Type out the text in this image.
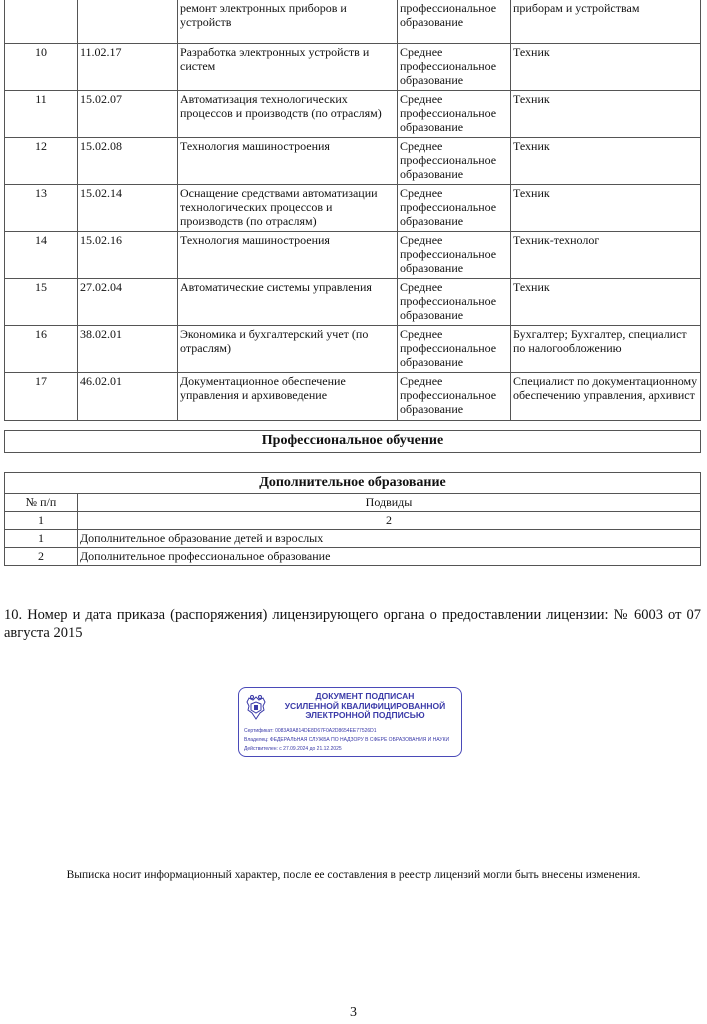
		ремонт электронных приборов и устройств	профессиональное образование	приборам и устройствам
10	11.02.17	Разработка электронных устройств и систем	Среднее профессиональное образование	Техник
11	15.02.07	Автоматизация технологических процессов и производств (по отраслям)	Среднее профессиональное образование	Техник
12	15.02.08	Технология машиностроения	Среднее профессиональное образование	Техник
13	15.02.14	Оснащение средствами автоматизации технологических процессов и производств (по отраслям)	Среднее профессиональное образование	Техник
14	15.02.16	Технология машиностроения	Среднее профессиональное образование	Техник-технолог
15	27.02.04	Автоматические системы управления	Среднее профессиональное образование	Техник
16	38.02.01	Экономика и бухгалтерский учет (по отраслям)	Среднее профессиональное образование	Бухгалтер; Бухгалтер, специалист по налогообложению
17	46.02.01	Документационное обеспечение управления и архивоведение	Среднее профессиональное образование	Специалист по документационному обеспечению управления, архивист
Профессиональное обучение
Дополнительное образование	
№ п/п	Подвиды
1	2
1	Дополнительное образование детей и взрослых
2	Дополнительное профессиональное образование
10. Номер и дата приказа (распоряжения) лицензирующего органа о предоставлении лицензии: № 6003 от 07 августа 2015
ДОКУМЕНТ ПОДПИСАН
УСИЛЕННОЙ КВАЛИФИЦИРОВАННОЙ
ЭЛЕКТРОННОЙ ПОДПИСЬЮ
Сертификат: 0083A9A814DE8D67F0A2D8654EE77526D1
Владелец: ФЕДЕРАЛЬНАЯ СЛУЖБА ПО НАДЗОРУ В СФЕРЕ ОБРАЗОВАНИЯ И НАУКИ
Действителен: с 27.09.2024 до 21.12.2025
Выписка носит информационный характер, после ее составления в реестр лицензий могли быть внесены изменения.
3
